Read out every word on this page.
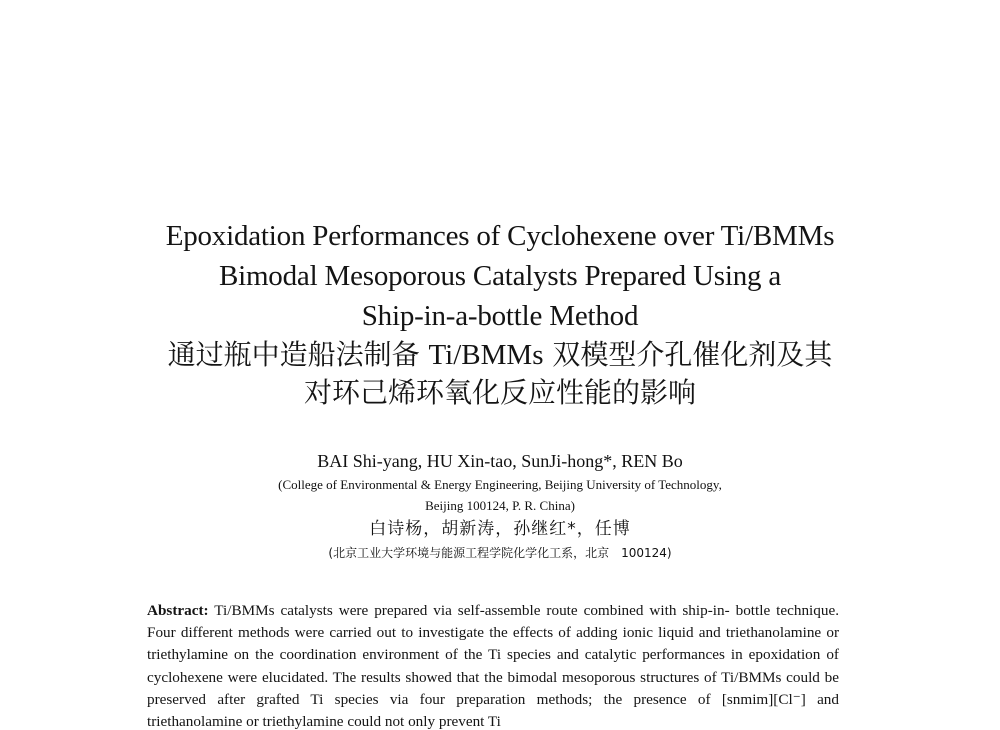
Epoxidation Performances of Cyclohexene over Ti/BMMs
Bimodal Mesoporous Catalysts Prepared Using a
Ship-in-a-bottle Method
通过瓶中造船法制备 Ti/BMMs 双模型介孔催化剂及其
对环己烯环氧化反应性能的影响
BAI Shi-yang, HU Xin-tao, SunJi-hong*, REN Bo
(College of Environmental & Energy Engineering, Beijing University of Technology,
Beijing 100124, P. R. China)
白诗杨，胡新涛，孙继红*，任博
(北京工业大学环境与能源工程学院化学化工系，北京　100124)
Abstract: Ti/BMMs catalysts were prepared via self-assemble route combined with ship-in- bottle technique. Four different methods were carried out to investigate the effects of adding ionic liquid and triethanolamine or triethylamine on the coordination environment of the Ti species and catalytic performances in epoxidation of cyclohexene were elucidated. The results showed that the bimodal mesoporous structures of Ti/BMMs could be preserved after grafted Ti species via four preparation methods; the presence of [snmim][Cl⁻] and triethanolamine or triethylamine could not only prevent Ti
